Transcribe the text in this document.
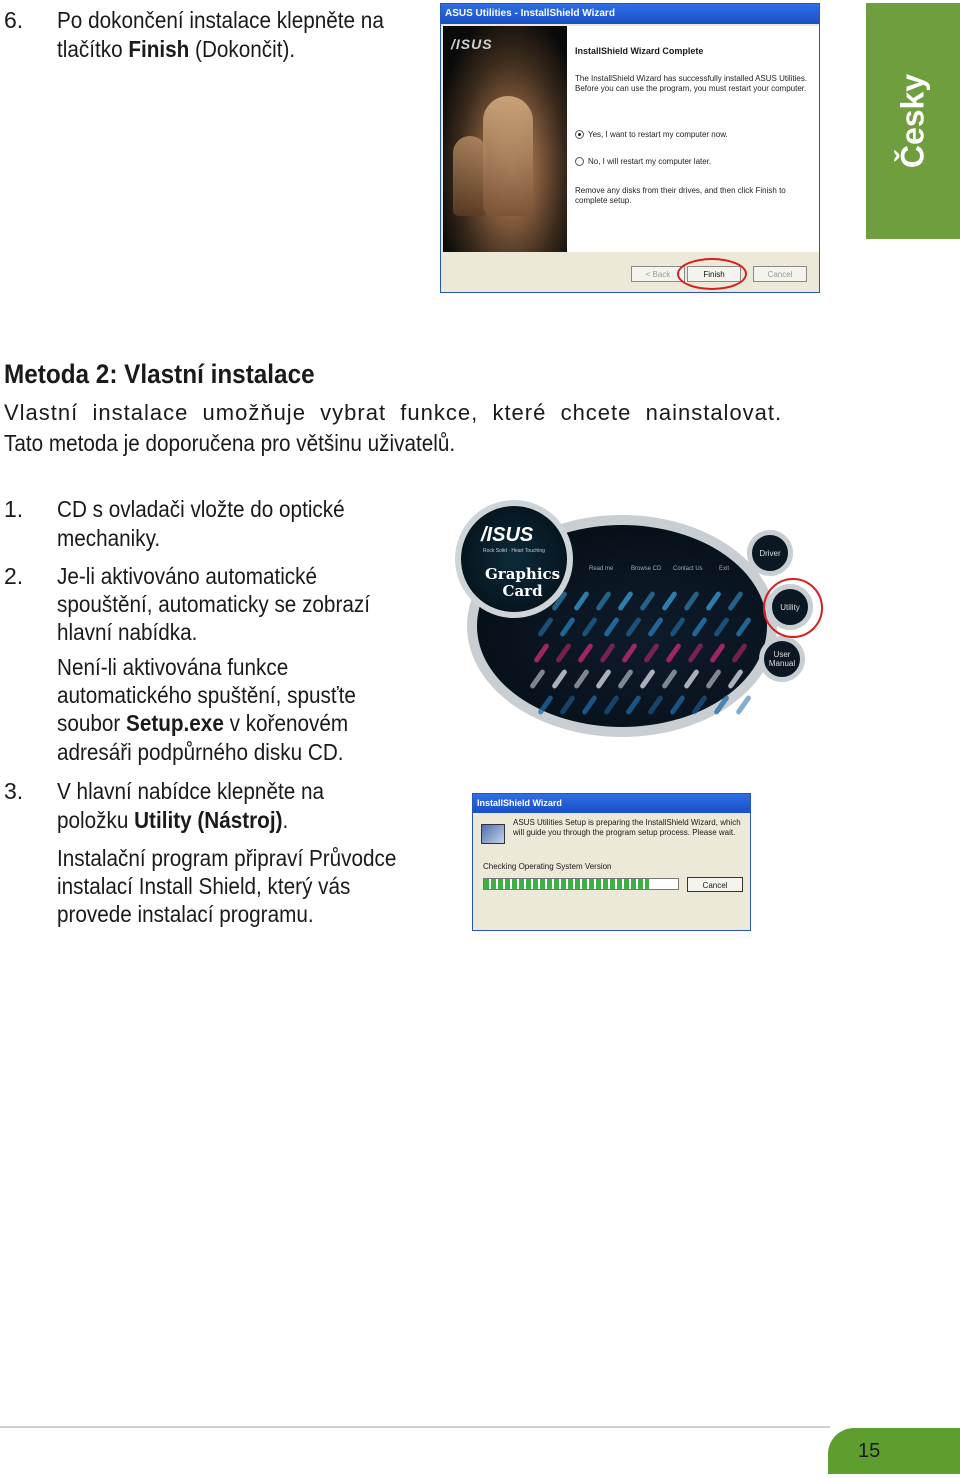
6. Po dokončení instalace klepněte na
tlačítko Finish (Dokončit).
Česky
ASUS Utilities - InstallShield Wizard
/ISUS	InstallShield Wizard Complete
The InstallShield Wizard has successfully installed ASUS Utilities. Before you can use the program, you must restart your computer.
Yes, I want to restart my computer now.
No, I will restart my computer later.
Remove any disks from their drives, and then click Finish to complete setup.
< Back	Finish	Cancel
Metoda 2: Vlastní instalace
Vlastní  instalace  umožňuje  vybrat  funkce,  které  chcete  nainstalovat.
Tato metoda je doporučena pro většinu uživatelů.
1. CD s ovladači vložte do optické
mechaniky.
2. Je-li aktivováno automatické
spouštění, automaticky se zobrazí
hlavní nabídka.
Není-li aktivována funkce
automatického spuštění, spusťte
soubor Setup.exe v kořenovém
adresáři podpůrného disku CD.
3. V hlavní nabídce klepněte na
položku Utility (Nástroj).
Instalační program připraví Průvodce
instalací Install Shield, který vás
provede instalací programu.
Read me	Browse CD Contact Us	Exit
/ISUS
Rock Solid · Heart Touching
Graphics
Card
Driver
Utility
User Manual
InstallShield Wizard
ASUS Utilities Setup is preparing the InstallShield Wizard, which will guide you through the program setup process. Please wait.
Checking Operating System Version
Cancel
15
